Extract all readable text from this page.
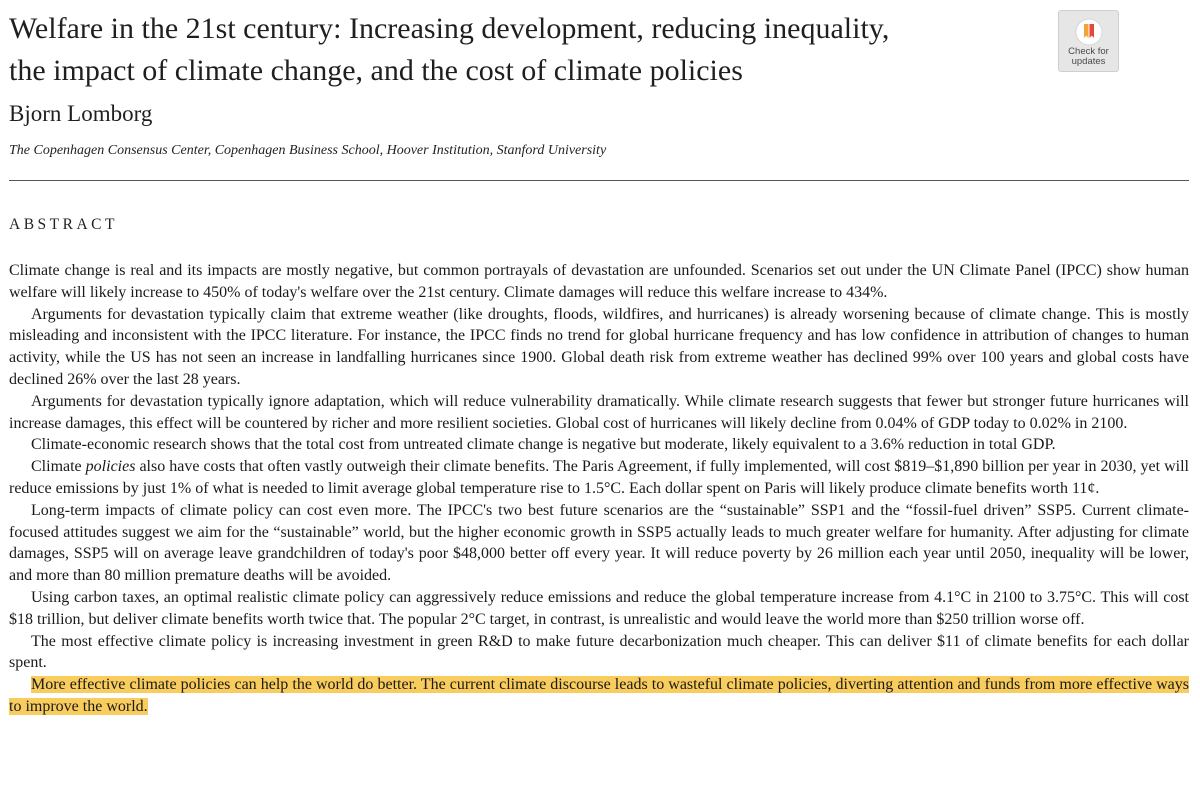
Welfare in the 21st century: Increasing development, reducing inequality,
the impact of climate change, and the cost of climate policies
Check for
updates
Bjorn Lomborg
The Copenhagen Consensus Center, Copenhagen Business School, Hoover Institution, Stanford University
ABSTRACT

Climate change is real and its impacts are mostly negative, but common portrayals of devastation are unfounded. Scenarios set out under the UN Climate Panel (IPCC) show human welfare will likely increase to 450% of today's welfare over the 21st century. Climate damages will reduce this welfare increase to 434%.

Arguments for devastation typically claim that extreme weather (like droughts, floods, wildfires, and hurricanes) is already worsening because of climate change. This is mostly misleading and inconsistent with the IPCC literature. For instance, the IPCC finds no trend for global hurricane frequency and has low confidence in attribution of changes to human activity, while the US has not seen an increase in landfalling hurricanes since 1900. Global death risk from extreme weather has declined 99% over 100 years and global costs have declined 26% over the last 28 years.

Arguments for devastation typically ignore adaptation, which will reduce vulnerability dramatically. While climate research suggests that fewer but stronger future hurricanes will increase damages, this effect will be countered by richer and more resilient societies. Global cost of hurricanes will likely decline from 0.04% of GDP today to 0.02% in 2100.

Climate-economic research shows that the total cost from untreated climate change is negative but moderate, likely equivalent to a 3.6% reduction in total GDP.

Climate policies also have costs that often vastly outweigh their climate benefits. The Paris Agreement, if fully implemented, will cost $819–$1,890 billion per year in 2030, yet will reduce emissions by just 1% of what is needed to limit average global temperature rise to 1.5°C. Each dollar spent on Paris will likely produce climate benefits worth 11¢.

Long-term impacts of climate policy can cost even more. The IPCC's two best future scenarios are the “sustainable” SSP1 and the “fossil-fuel driven” SSP5. Current climate-focused attitudes suggest we aim for the “sustainable” world, but the higher economic growth in SSP5 actually leads to much greater welfare for humanity. After adjusting for climate damages, SSP5 will on average leave grandchildren of today's poor $48,000 better off every year. It will reduce poverty by 26 million each year until 2050, inequality will be lower, and more than 80 million premature deaths will be avoided.

Using carbon taxes, an optimal realistic climate policy can aggressively reduce emissions and reduce the global temperature increase from 4.1°C in 2100 to 3.75°C. This will cost $18 trillion, but deliver climate benefits worth twice that. The popular 2°C target, in contrast, is unrealistic and would leave the world more than $250 trillion worse off.

The most effective climate policy is increasing investment in green R&D to make future decarbonization much cheaper. This can deliver $11 of climate benefits for each dollar spent.

More effective climate policies can help the world do better. The current climate discourse leads to wasteful climate policies, diverting attention and funds from more effective ways to improve the world.
